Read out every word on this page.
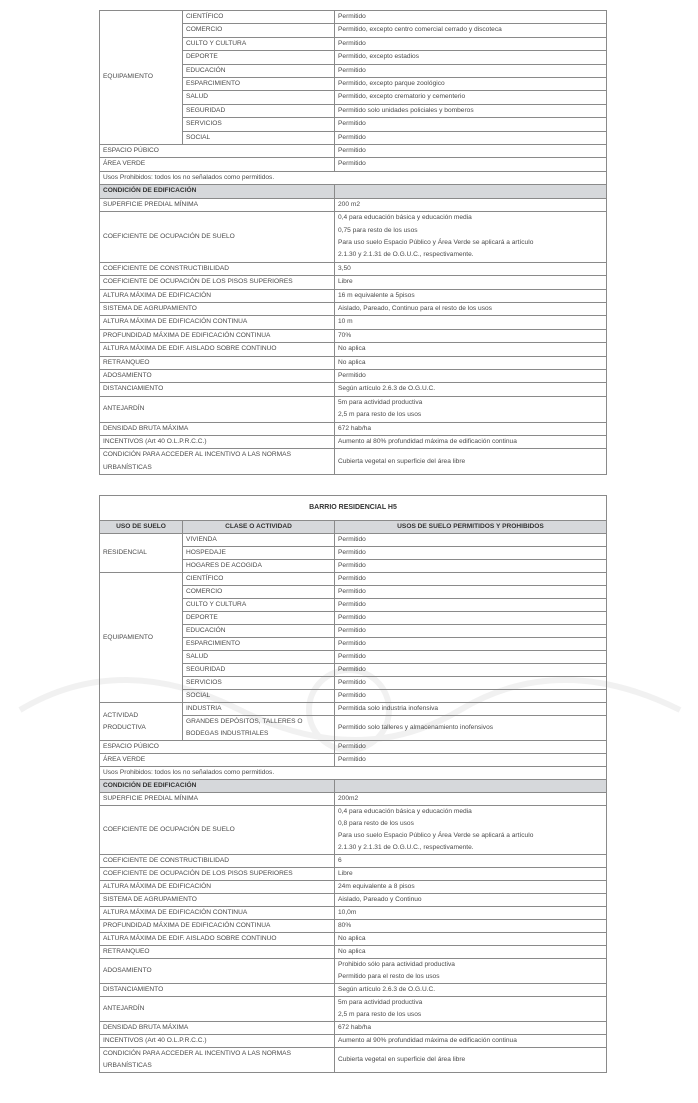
EQUIPAMIENTO	CIENTÍFICO	Permitido
	COMERCIO	Permitido, excepto centro comercial cerrado y discoteca
	CULTO Y CULTURA	Permitido
	DEPORTE	Permitido, excepto estadios
	EDUCACIÓN	Permitido
	ESPARCIMIENTO	Permitido, excepto parque zoológico
	SALUD	Permitido, excepto crematorio y cementerio
	SEGURIDAD	Permitido solo unidades policiales y bomberos
	SERVICIOS	Permitido
	SOCIAL	Permitido
ESPACIO PÚBICO		Permitido
ÁREA VERDE		Permitido
Usos Prohibidos: todos los no señalados como permitidos.		
CONDICIÓN DE EDIFICACIÓN		
SUPERFICIE PREDIAL MÍNIMA		200 m2

COEFICIENTE DE OCUPACIÓN DE SUELO		0,4 para educación básica y educación media
0,75 para resto de los usos
Para uso suelo Espacio Público y Área Verde se aplicará a artículo
2.1.30 y 2.1.31 de O.G.U.C., respectivamente.

COEFICIENTE DE CONSTRUCTIBILIDAD		3,50

COEFICIENTE DE OCUPACIÓN DE LOS PISOS SUPERIORES		Libre

ALTURA MÁXIMA DE EDIFICACIÓN		16 m equivalente a 5pisos

SISTEMA DE AGRUPAMIENTO		Aislado, Pareado, Continuo para el resto de los usos

ALTURA MÁXIMA DE EDIFICACIÓN CONTINUA		10 m

PROFUNDIDAD MÁXIMA DE EDIFICACIÓN CONTINUA		70%

ALTURA MÁXIMA DE EDIF. AISLADO SOBRE CONTINUO		No aplica

RETRANQUEO		No aplica

ADOSAMIENTO		Permitido

DISTANCIAMIENTO		Según artículo 2.6.3 de O.G.U.C.

ANTEJARDÍN		5m para actividad productiva
2,5 m para resto de los usos

DENSIDAD BRUTA MÁXIMA		672 hab/ha

INCENTIVOS (Art 40 O.L.P.R.C.C.)		Aumento al 80% profundidad máxima de edificación continua

CONDICIÓN PARA ACCEDER AL INCENTIVO A LAS NORMAS URBANÍSTICAS		Cubierta vegetal en superficie del área libre
BARRIO RESIDENCIAL H5		
USO DE SUELO	CLASE O ACTIVIDAD	USOS DE SUELO PERMITIDOS Y PROHIBIDOS
RESIDENCIAL	VIVIENDA	Permitido
	HOSPEDAJE	Permitido
	HOGARES DE ACOGIDA	Permitido
EQUIPAMIENTO	CIENTÍFICO	Permitido
	COMERCIO	Permitido
	CULTO Y CULTURA	Permitido
	DEPORTE	Permitido
	EDUCACIÓN	Permitido
	ESPARCIMIENTO	Permitido
	SALUD	Permitido
	SEGURIDAD	Permitido
	SERVICIOS	Permitido
	SOCIAL	Permitido
ACTIVIDAD PRODUCTIVA	INDUSTRIA	Permitida solo industria inofensiva
	GRANDES DEPÓSITOS, TALLERES O BODEGAS INDUSTRIALES	Permitido solo talleres y almacenamiento inofensivos
ESPACIO PÚBICO		Permitido
ÁREA VERDE		Permitido
Usos Prohibidos: todos los no señalados como permitidos.		
CONDICIÓN DE EDIFICACIÓN		
SUPERFICIE PREDIAL MÍNIMA		200m2

COEFICIENTE DE OCUPACIÓN DE SUELO		0,4 para educación básica y educación media
0,8 para resto de los usos
Para uso suelo Espacio Público y Área Verde se aplicará a artículo
2.1.30 y 2.1.31 de O.G.U.C., respectivamente.

COEFICIENTE DE CONSTRUCTIBILIDAD		6

COEFICIENTE DE OCUPACIÓN DE LOS PISOS SUPERIORES		Libre

ALTURA MÁXIMA DE EDIFICACIÓN		24m equivalente a 8 pisos

SISTEMA DE AGRUPAMIENTO		Aislado, Pareado y Continuo

ALTURA MÁXIMA DE EDIFICACIÓN CONTINUA		10,0m

PROFUNDIDAD MÁXIMA DE EDIFICACIÓN CONTINUA		80%

ALTURA MÁXIMA DE EDIF. AISLADO SOBRE CONTINUO		No aplica

RETRANQUEO		No aplica

ADOSAMIENTO		Prohibido sólo para actividad productiva
Permitido para el resto de los usos

DISTANCIAMIENTO		Según artículo 2.6.3 de O.G.U.C.

ANTEJARDÍN		5m para actividad productiva
2,5 m para resto de los usos

DENSIDAD BRUTA MÁXIMA		672 hab/ha

INCENTIVOS (Art 40 O.L.P.R.C.C.)		Aumento al 90% profundidad máxima de edificación continua

CONDICIÓN PARA ACCEDER AL INCENTIVO A LAS NORMAS URBANÍSTICAS		Cubierta vegetal en superficie del área libre
